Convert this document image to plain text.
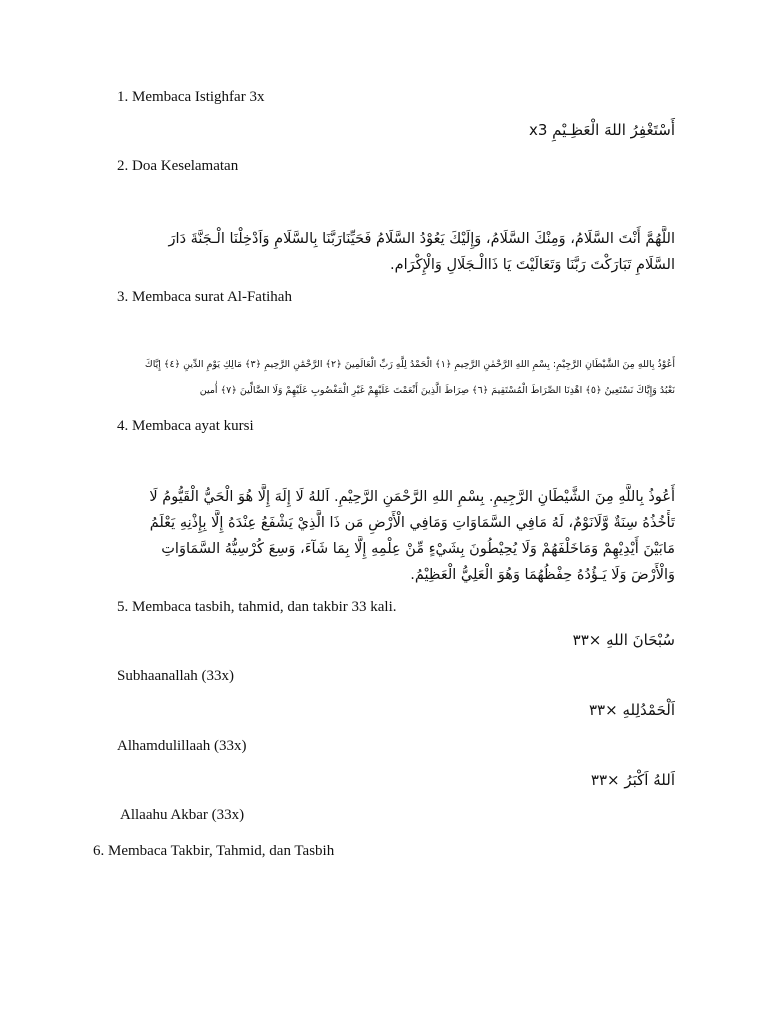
1. Membaca Istighfar 3x
أَسْتَغْفِرُ اللهَ الْعَظِـيْمِ x3
2. Doa Keselamatan
اللَّهُمَّ أَنْتَ السَّلَامُ، وَمِنْكَ السَّلَامُ، وَإِلَيْكَ يَعُوْدُ السَّلَامُ فَحَيِّنَارَبَّنَا بِالسَّلَامِ وَاَدْخِلْنَا الْـجَنَّةَ دَارَ
السَّلَامِ تَبَارَكْتَ رَبَّنَا وَتَعَالَيْتَ يَا ذَاالْـجَلَالِ وَالْإِكْرَام.
3. Membaca surat Al-Fatihah
أَعُوْذُ بِاللهِ مِنَ الشَّيْطَانِ الرَّجِيْمِ: بِسْمِ اللهِ الرَّحْمٰنِ الرَّحِيمِ ﴿١﴾ الْحَمْدُ لِلَّهِ رَبِّ الْعَالَمِينَ ﴿٢﴾ الرَّحْمَٰنِ الرَّحِيمِ ﴿٣﴾ مَالِكِ يَوْمِ الدِّينِ ﴿٤﴾ إِيَّاكَ
نَعْبُدُ وَإِيَّاكَ نَسْتَعِينُ ﴿٥﴾ اهْدِنَا الصِّرَاطَ الْمُسْتَقِيمَ ﴿٦﴾ صِرَاطَ الَّذِينَ أَنْعَمْتَ عَلَيْهِمْ غَيْرِ الْمَغْضُوبِ عَلَيْهِمْ وَلَا الضَّالِّينَ ﴿٧﴾ أٰمين
4. Membaca ayat kursi
أَعُوذُ بِاللَّهِ مِنَ الشَّيْطَانِ الرَّجِيمِ. بِسْمِ اللهِ الرَّحْمَنِ الرَّحِيْمِ. اَللهُ لَا إِلَهَ إِلَّا هُوَ الْحَيُّ الْقَيُّومُ لَا
تَأْخُذُهُ سِنَةٌ وَّلَانَوْمٌ، لَهُ مَافِي السَّمَاوَاتِ وَمَافِي الْأَرْضِ مَن ذَا الَّذِيْ يَشْفَعُ عِنْدَهُ إِلَّا بِإِذْنِهِ يَعْلَمُ
مَابَيْنَ أَيْدِيْهِمْ وَمَاخَلْفَهُمْ وَلَا يُحِيْطُونَ بِشَيْءٍ مِّنْ عِلْمِهِ إِلَّا بِمَا شَآءَ، وَسِعَ كُرْسِيُّهُ السَّمَاوَاتِ
وَالْأَرْضَ وَلَا يَـؤُدُهُ حِفْظُهُمَا وَهُوَ الْعَلِيُّ الْعَظِيْمُ.
5. Membaca tasbih, tahmid, dan takbir 33 kali.
سُبْحَانَ اللهِ ×٣٣
Subhaanallah (33x)
اَلْحَمْدُلِلهِ ×٣٣
Alhamdulillaah (33x)
اَللهُ اَكْبَرُ ×٣٣
Allaahu Akbar (33x)
6. Membaca Takbir, Tahmid, dan Tasbih
